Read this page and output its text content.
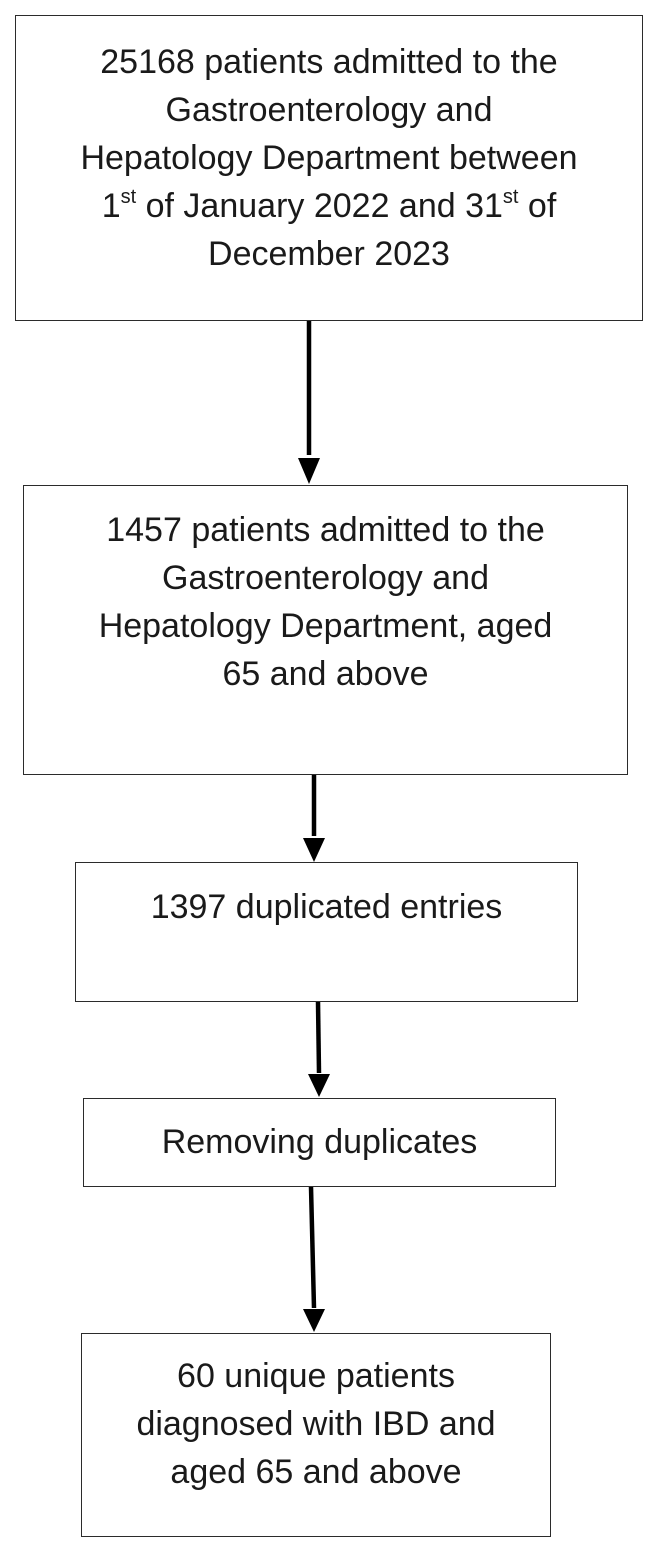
25168 patients admitted to the

Gastroenterology and

Hepatology Department between

1st of January 2022 and 31st of

December 2023

1457 patients admitted to the

Gastroenterology and

Hepatology Department, aged

65 and above

1397 duplicated entries

Removing duplicates

60 unique patients

diagnosed with IBD and

aged 65 and above
